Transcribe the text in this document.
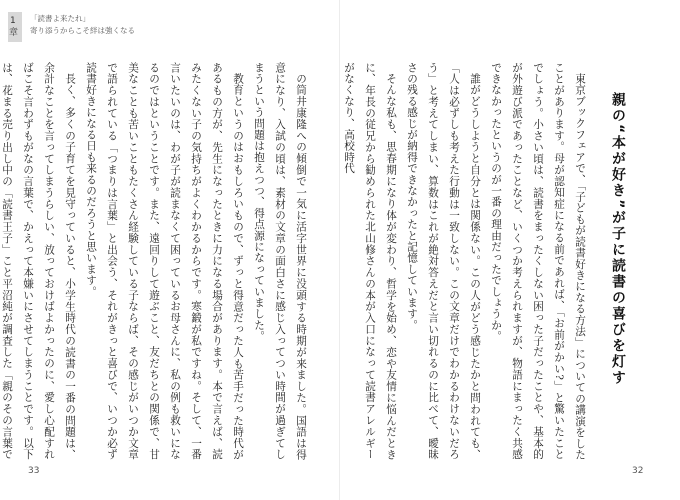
1
章
「読書よ来たれ」
寄り添うからこそ絆は強くなる

の筒井康隆への傾倒で一気に活字世界に没頭する時期が来ました。国語は得意になり、入試の頃は、素材の文章の面白さに感じ入ってつい時間が過ぎてしまうという問題は抱えつつ、得点源になっていました。

教育というのはおもしろいもので、ずっと得意だった人も苦手だった時代があるもの方が、先生になったときに力になる場合があります。本で言えば、読みたくない子の気持ちがよくわかるからです。寒鍛が私ですね。そして、一番言いたいのは、わが子が読まなくて困っているお母さんに、私の例も救いになるのではということです。また、遠回りして遊ぶこと、友だちとの関係で、甘美なことも苦いこともたくさん経験している子ならば、その感じがいつか文章で語られている「つまりは言葉」と出会う、それがきっと喜びで、いつか必ず読書好きになる日も来るのだろうと思います。

長く、多くの子育てを見守っていると、小学生時代の読書の一番の問題は、余計なことを言ってしまうらしい、放っておけばよかったのに、愛し心配すればこそ言わずもがなの言葉で、かえって本嫌いにさせてしまうことです。以下は、花まる売り出し中の「読書王子」こと平沼純が調査した「親のその言葉で

33
親の“本が好き”が子に読書の喜びを灯す

東京ブックフェアで、「子どもが読書好きになる方法」についての講演をしたことがあります。母が認知症になる前であれば、「お前がかい?」と驚いたことでしょう。小さい頃は、読書をまったくしない困った子だったことや、基本的が外遊び派であったことなど、いくつか考えられますが、物語にまったく共感できなかったというのが一番の理由だったでしょうか。

誰がどうしようと自分とは関係ない。この人がどう感じたかと問われても、「人は必ずしも考えた行動は一致しない。この文章だけでわかるわけないだろう」と考えてしまい、算数はこれが絶対答えだと言い切れるのに比べて、曖昧さの残る感じが納得できなかったと記憶しています。

そんな私も、思春期になり体が変わり、哲学を始め、恋や友情に悩んだときに、年長の従兄から勧められた北山修さんの本が入口になって読書アレルギーがなくなり、高校時代

32
